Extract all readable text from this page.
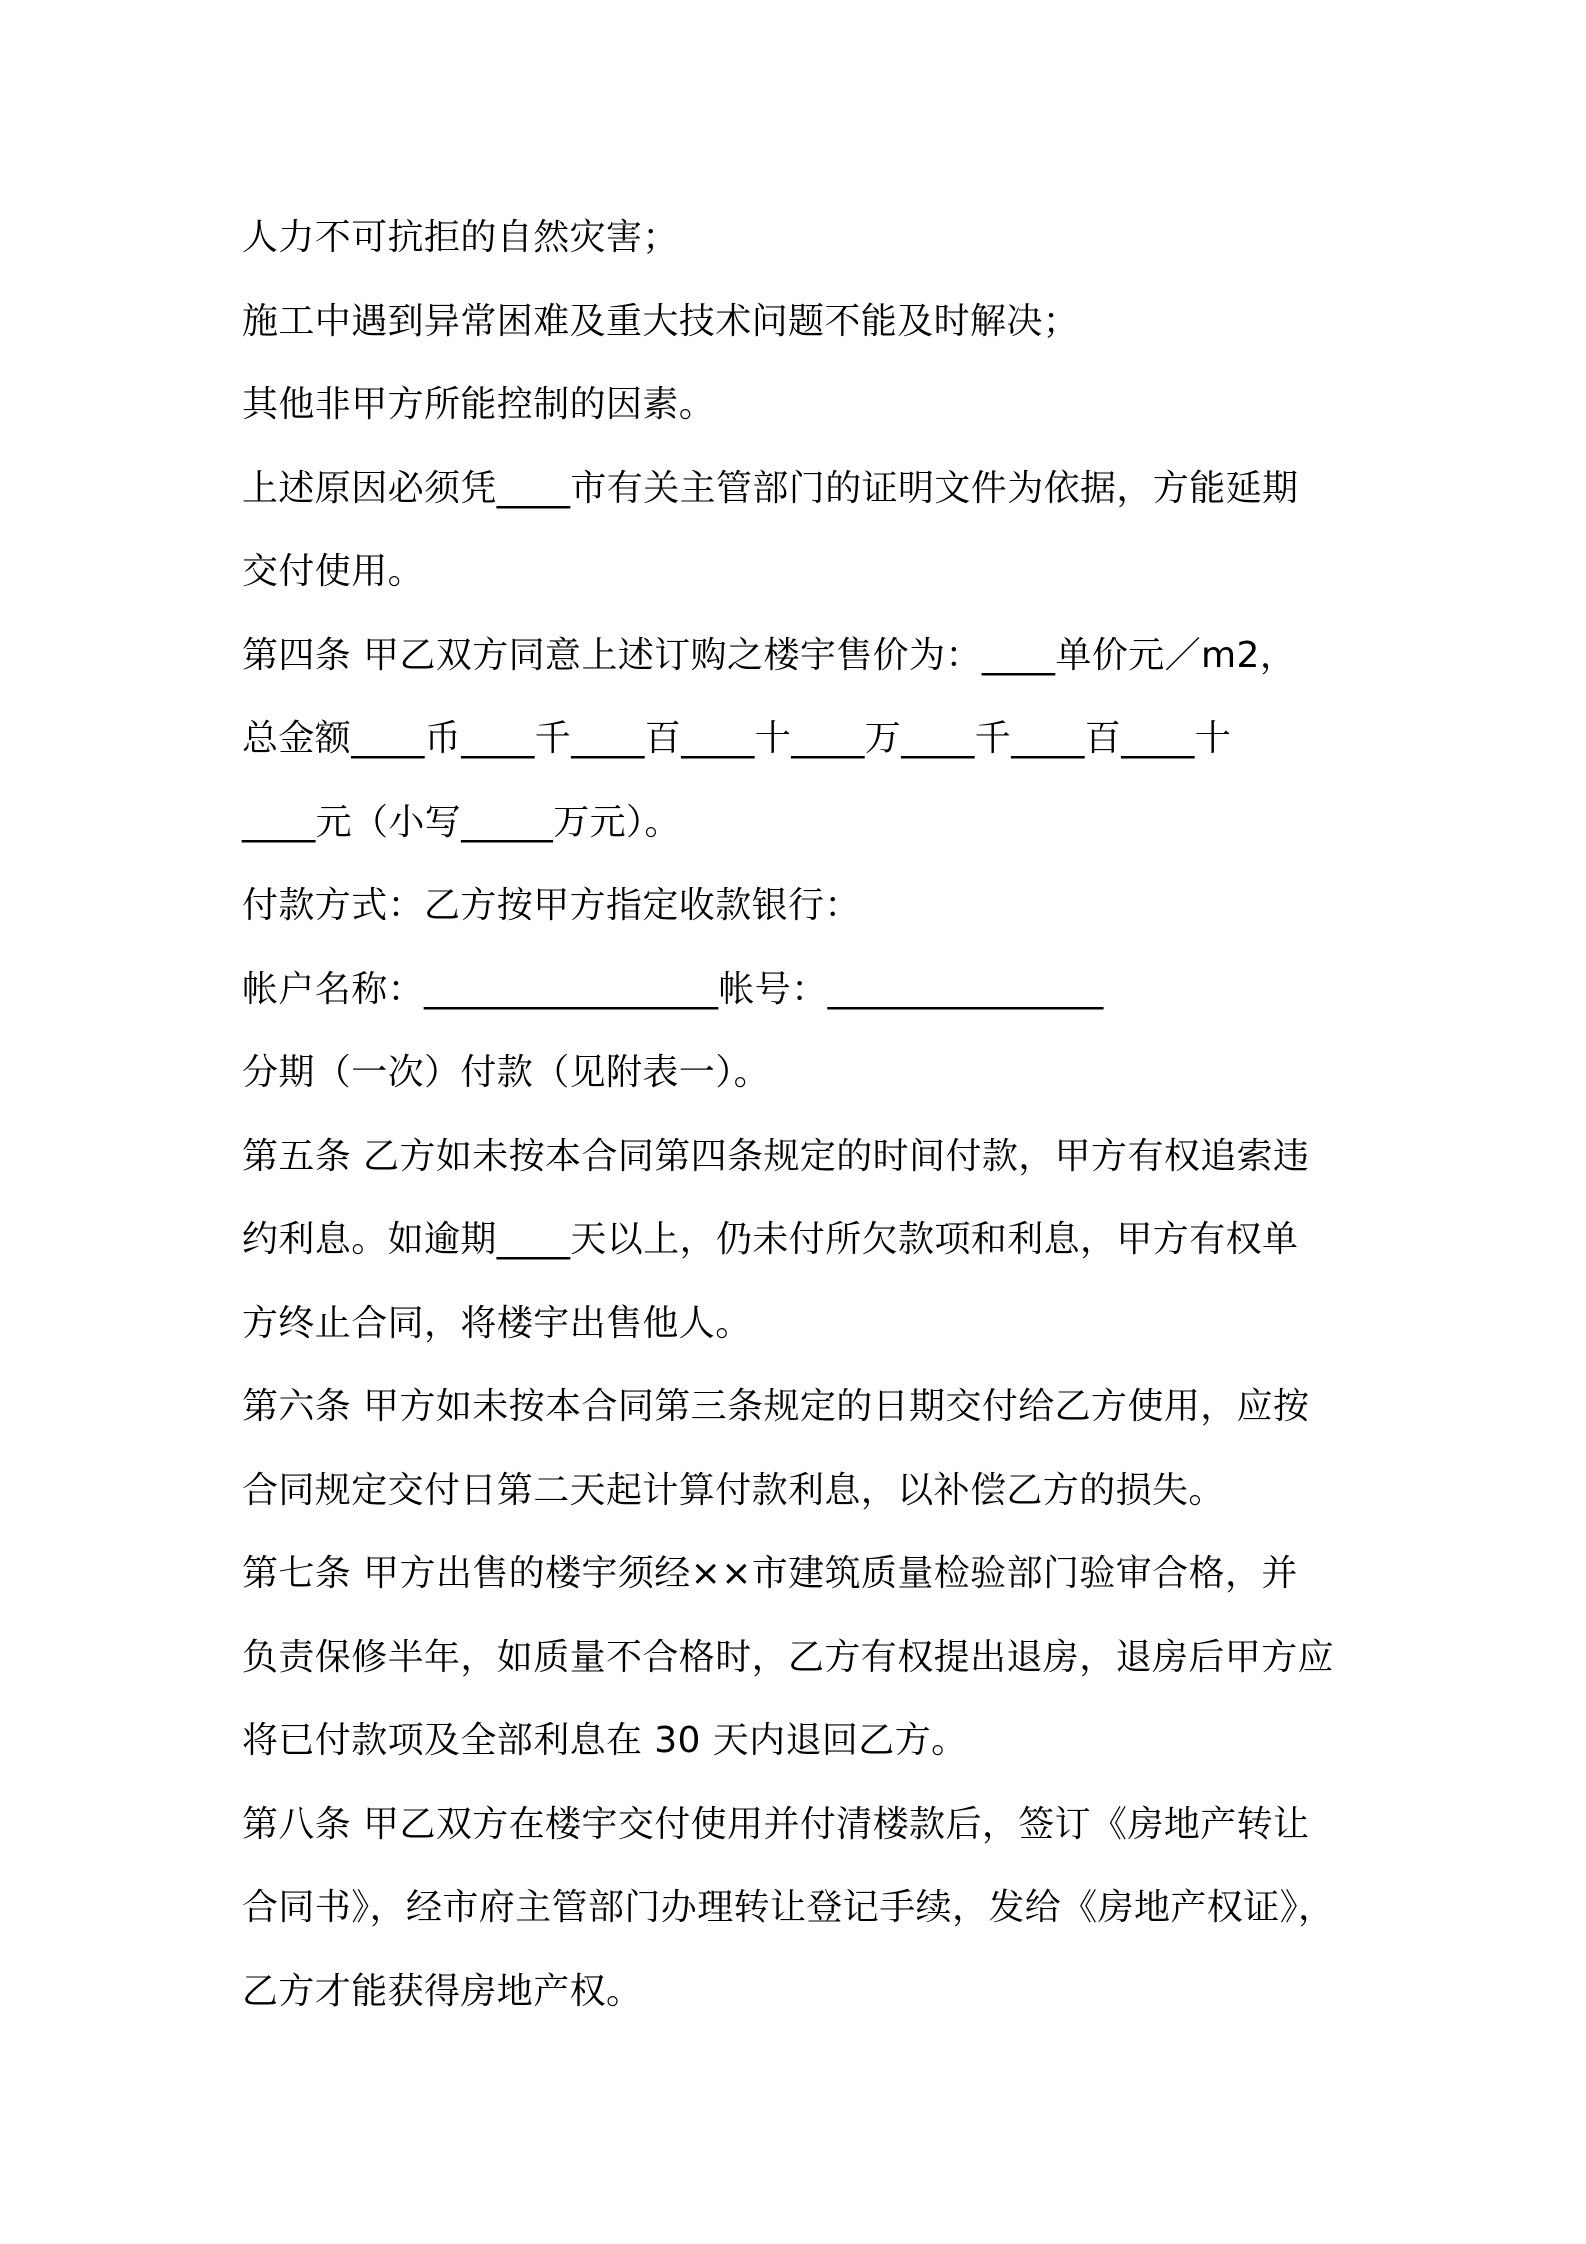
人力不可抗拒的自然灾害；
施工中遇到异常困难及重大技术问题不能及时解决；
其他非甲方所能控制的因素。
上述原因必须凭____市有关主管部门的证明文件为依据，方能延期
交付使用。
第四条 甲乙双方同意上述订购之楼宇售价为：____单价元／m2，
总金额____币____千____百____十____万____千____百____十
____元（小写_____万元）。
付款方式：乙方按甲方指定收款银行：
帐户名称：________________帐号：_______________
分期（一次）付款（见附表一）。
第五条 乙方如未按本合同第四条规定的时间付款，甲方有权追索违
约利息。如逾期____天以上，仍未付所欠款项和利息，甲方有权单
方终止合同，将楼宇出售他人。
第六条 甲方如未按本合同第三条规定的日期交付给乙方使用，应按
合同规定交付日第二天起计算付款利息，以补偿乙方的损失。
第七条 甲方出售的楼宇须经××市建筑质量检验部门验审合格，并
负责保修半年，如质量不合格时，乙方有权提出退房，退房后甲方应
将已付款项及全部利息在 30 天内退回乙方。
第八条 甲乙双方在楼宇交付使用并付清楼款后，签订《房地产转让
合同书》，经市府主管部门办理转让登记手续，发给《房地产权证》，
乙方才能获得房地产权。
